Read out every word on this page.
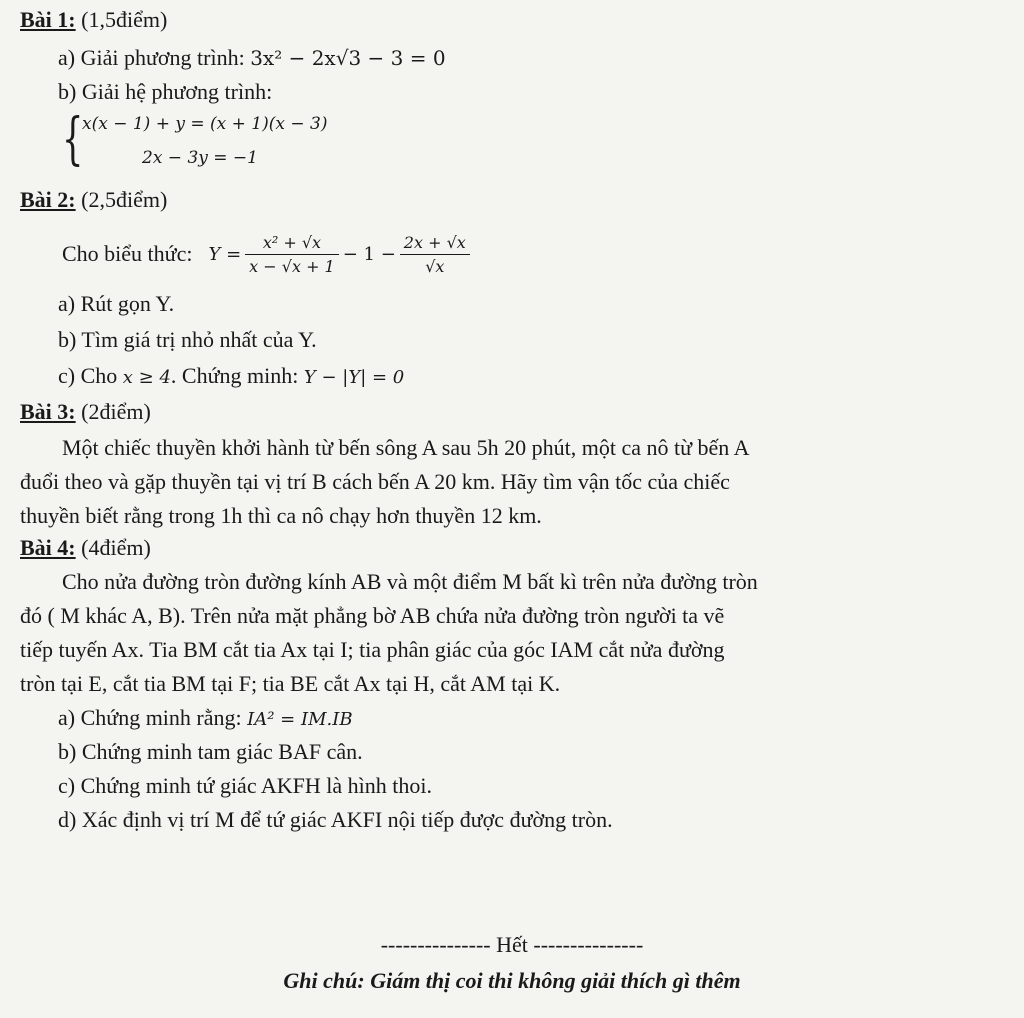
Bài 1: (1,5điểm)
a) Giải phương trình: 3x² − 2x√3 − 3 = 0
b) Giải hệ phương trình:
{
x(x − 1) + y = (x + 1)(x − 3)
2x − 3y = −1
Bài 2: (2,5điểm)
Cho biểu thức: $Y = \frac{\text{x² + √x}}{x - √x + 1} - 1 - \frac{2x + √x}{√x}$
a) Rút gọn Y.
b) Tìm giá trị nhỏ nhất của Y.
c) Cho x ≥ 4. Chứng minh: Y − |Y| = 0
Bài 3: (2điểm)
Một chiếc thuyền khởi hành từ bến sông A sau 5h 20 phút, một ca nô từ bến A
đuổi theo và gặp thuyền tại vị trí B cách bến A 20 km. Hãy tìm vận tốc của chiếc
thuyền biết rằng trong 1h thì ca nô chạy hơn thuyền 12 km.
Bài 4: (4điểm)
Cho nửa đường tròn đường kính AB và một điểm M bất kì trên nửa đường tròn
đó ( M khác A, B). Trên nửa mặt phẳng bờ AB chứa nửa đường tròn người ta vẽ
tiếp tuyến Ax. Tia BM cắt tia Ax tại I; tia phân giác của góc IAM cắt nửa đường
tròn tại E, cắt tia BM tại F; tia BE cắt Ax tại H, cắt AM tại K.
a) Chứng minh rằng: IA² = IM.IB
b) Chứng minh tam giác BAF cân.
c) Chứng minh tứ giác AKFH là hình thoi.
d) Xác định vị trí M để tứ giác AKFI nội tiếp được đường tròn.
--------------- Hết ---------------
Ghi chú: Giám thị coi thi không giải thích gì thêm
